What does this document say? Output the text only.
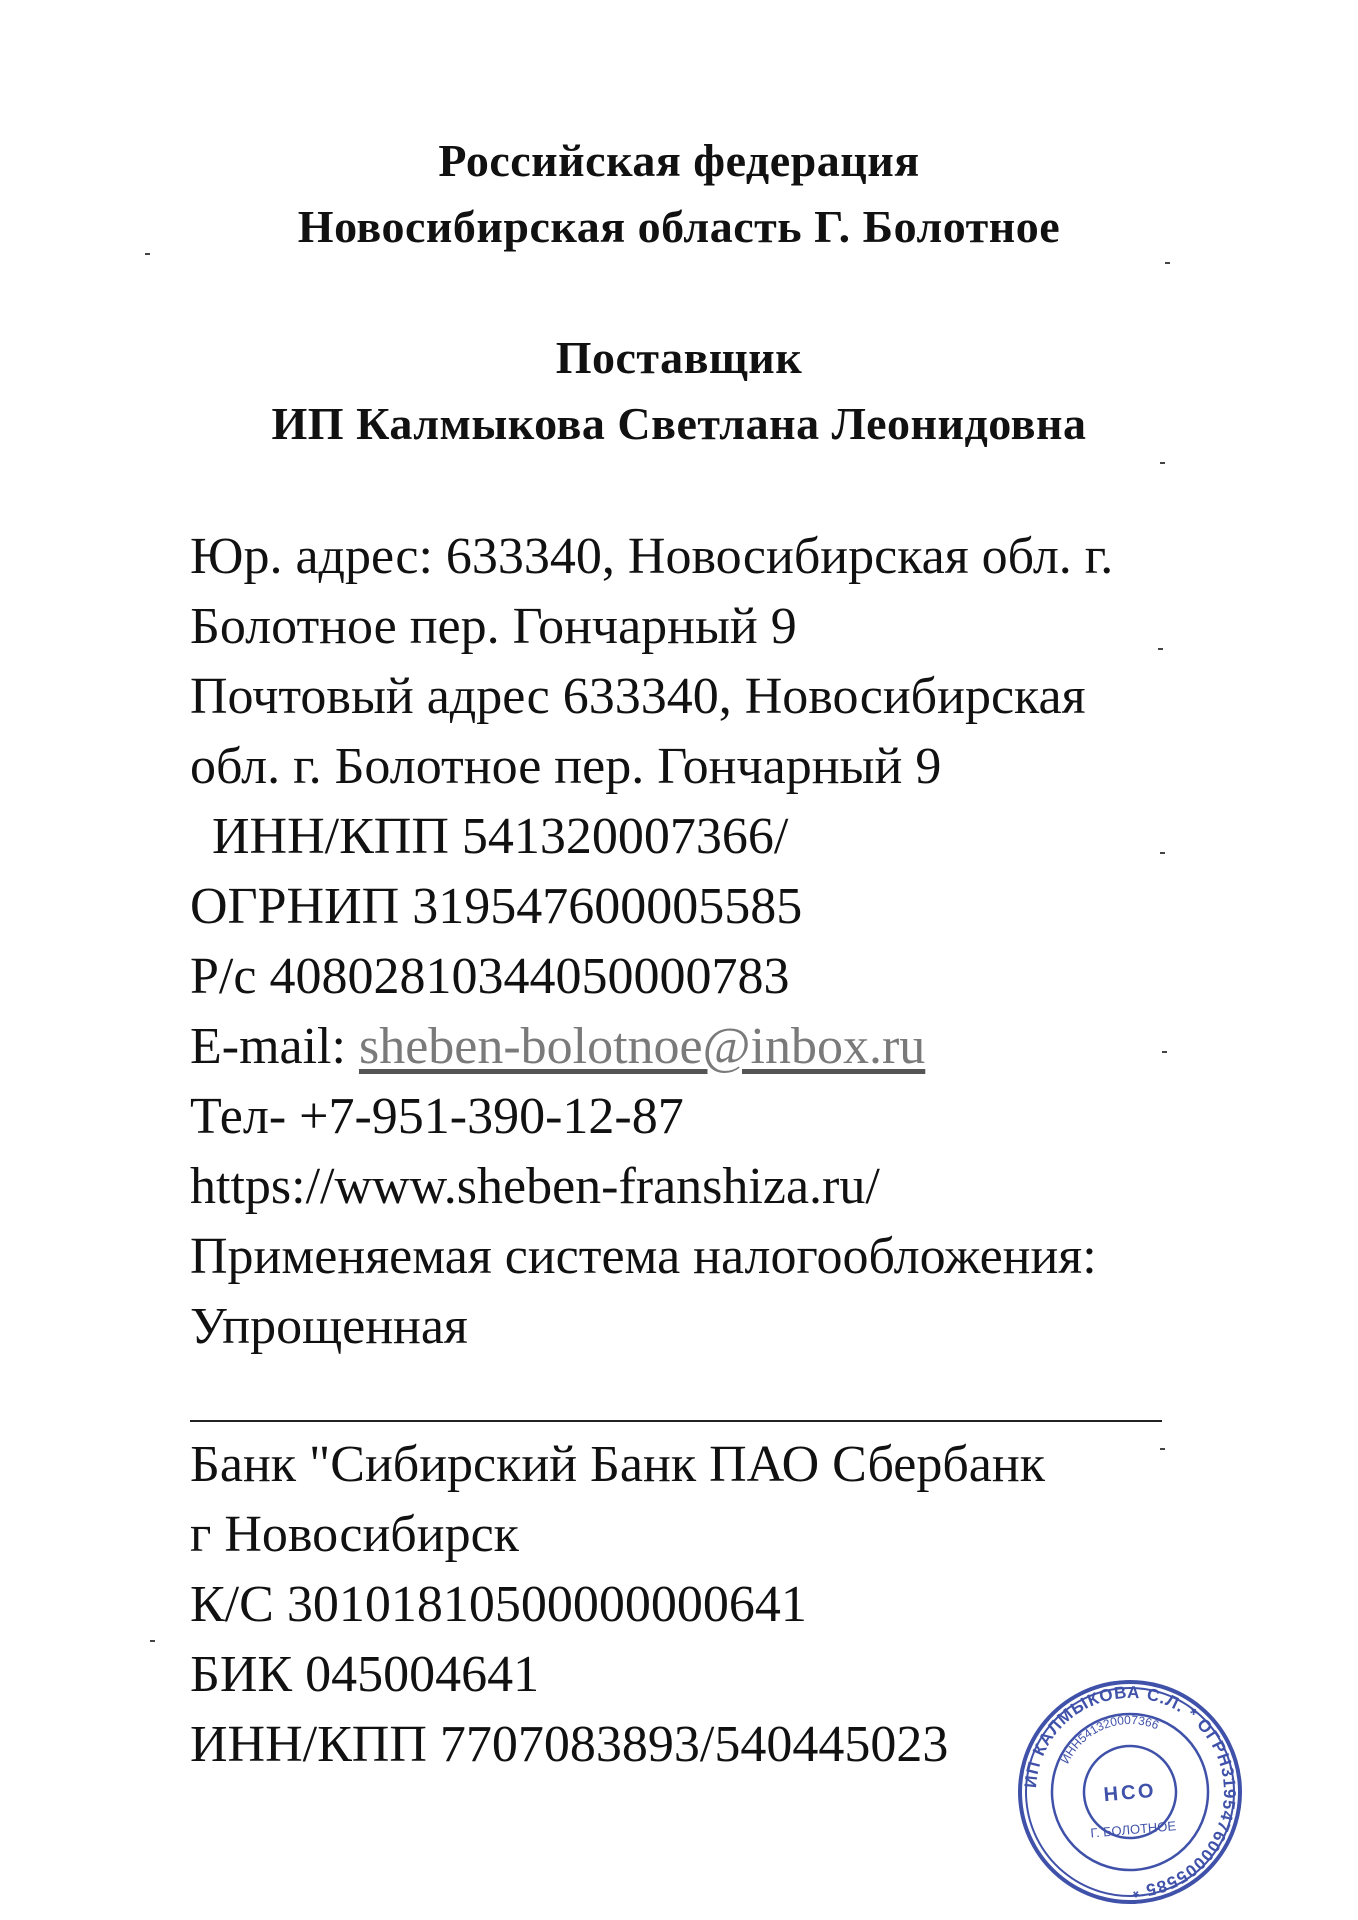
Российская федерация
Новосибирская область Г. Болотное
Поставщик
ИП Калмыкова Светлана Леонидовна
Юр. адрес: 633340, Новосибирская обл. г.
Болотное пер. Гончарный 9
Почтовый адрес 633340, Новосибирская
обл. г. Болотное пер. Гончарный 9
ИНН/КПП 541320007366/
ОГРНИП 319547600005585
Р/с 40802810344050000783
E-mail: sheben-bolotnoe@inbox.ru
Тел- +7-951-390-12-87
https://www.sheben-franshiza.ru/
Применяемая система налогообложения:
Упрощенная
Банк "Сибирский Банк ПАО Сбербанк
г Новосибирск
К/С 30101810500000000641
БИК 045004641
ИНН/КПП 7707083893/540445023
ИП КАЛМЫКОВА С.Л. * ОГРН319547600005585 *
ИНН541320007366
Г. БОЛОТНОЕ
НСО
